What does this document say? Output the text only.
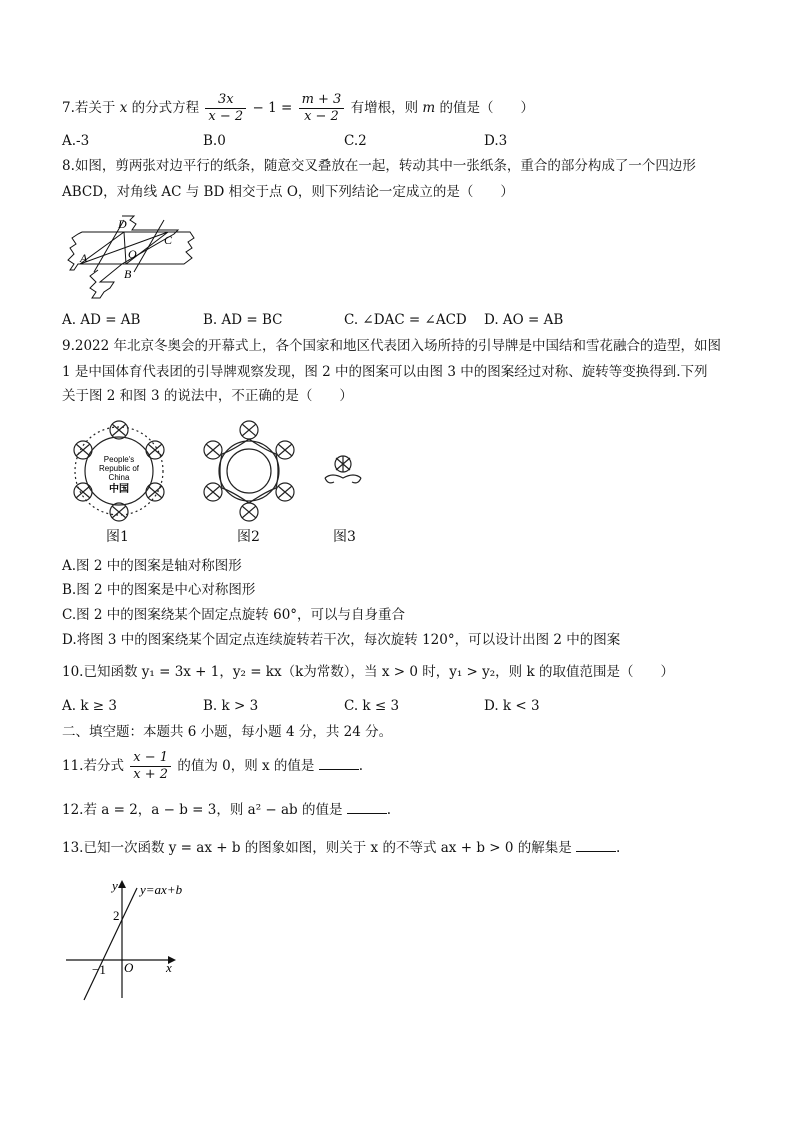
7.若关于 x 的分式方程 $\frac{3x}{x - 2} - 1 = \frac{m + 3}{x - 2}$ 有增根，则 m 的值是（　　）
A.-3	B.0	C.2	D.3
8.如图，剪两张对边平行的纸条，随意交叉叠放在一起，转动其中一张纸条，重合的部分构成了一个四边形
ABCD，对角线 AC 与 BD 相交于点 O，则下列结论一定成立的是（　　）
D
C
A	O
B
A. AD = AB	B. AD = BC	C. ∠DAC = ∠ACD D. AO = AB
9.2022 年北京冬奥会的开幕式上，各个国家和地区代表团入场所持的引导牌是中国结和雪花融合的造型，如图
1 是中国体育代表团的引导牌观察发现，图 2 中的图案可以由图 3 中的图案经过对称、旋转等变换得到.下列
关于图 2 和图 3 的说法中，不正确的是（　　）
People's
Republic of
China
中国
图1	图2	图3
A.图 2 中的图案是轴对称图形
B.图 2 中的图案是中心对称图形
C.图 2 中的图案绕某个固定点旋转 60°，可以与自身重合
D.将图 3 中的图案绕某个固定点连续旋转若干次，每次旋转 120°，可以设计出图 2 中的图案
10.已知函数 y₁ = 3x + 1，y₂ = kx（k为常数），当 x > 0 时，y₁ > y₂，则 k 的取值范围是（　　）
A. k ≥ 3	B. k > 3	C. k ≤ 3	D. k < 3
二、填空题：本题共 6 小题，每小题 4 分，共 24 分。
11.若分式 $\frac{x - 1}{x + 2}$ 的值为 0，则 x 的值是	.
12.若 a = 2，a − b = 3，则 a² − ab 的值是	.
13.已知一次函数 y = ax + b 的图象如图，则关于 x 的不等式 ax + b > 0 的解集是	.
y
x
O
2
−1
y=ax+b
